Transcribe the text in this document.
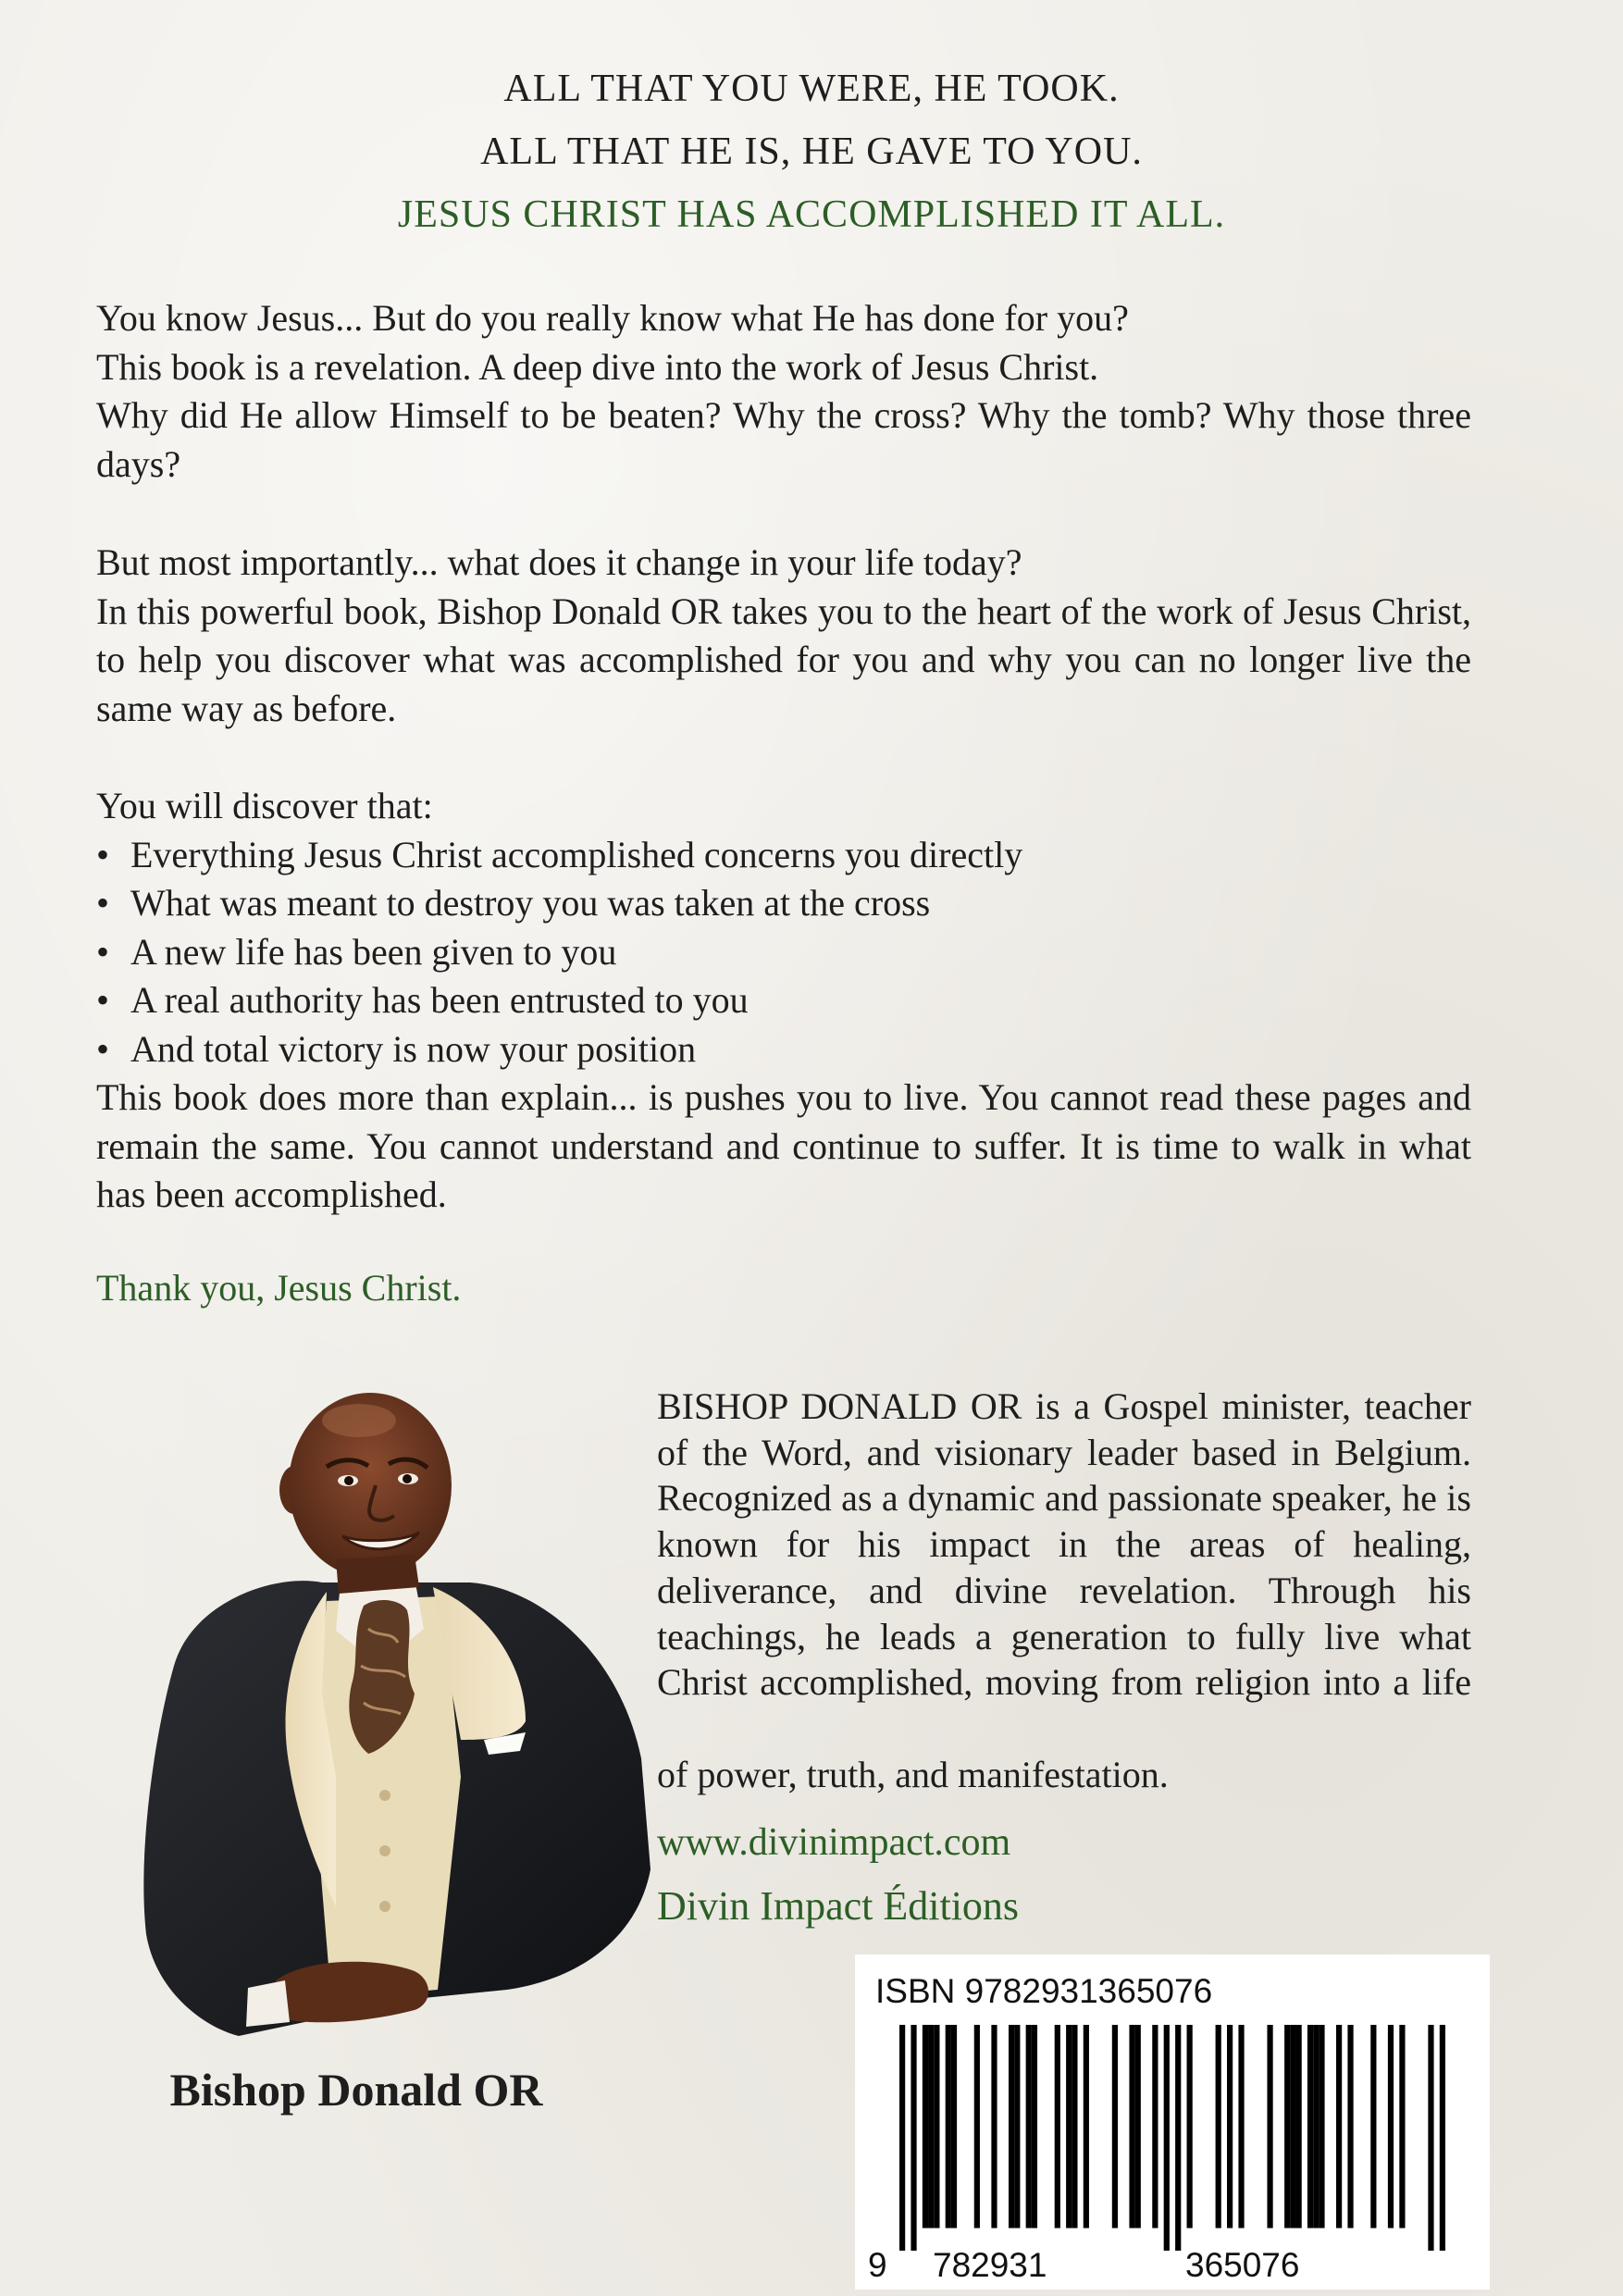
ALL THAT YOU WERE, HE TOOK.
ALL THAT HE IS, HE GAVE TO YOU.
JESUS CHRIST HAS ACCOMPLISHED IT ALL.

You know Jesus... But do you really know what He has done for you?

This book is a revelation. A deep dive into the work of Jesus Christ.

Why did He allow Himself to be beaten? Why the cross? Why the tomb? Why those three days?

But most importantly... what does it change in your life today?

In this powerful book, Bishop Donald OR takes you to the heart of the work of Jesus Christ, to help you discover what was accomplished for you and why you can no longer live the same way as before.

You will discover that:

• Everything Jesus Christ accomplished concerns you directly
• What was meant to destroy you was taken at the cross
• A new life has been given to you
• A real authority has been entrusted to you
• And total victory is now your position

This book does more than explain... is pushes you to live. You cannot read these pages and remain the same. You cannot understand and continue to suffer. It is time to walk in what has been accomplished.

Thank you, Jesus Christ.
Bishop Donald OR
BISHOP DONALD OR is a Gospel minister, teacher of the Word, and visionary leader based in Belgium. Recognized as a dynamic and passionate speaker, he is known for his impact in the areas of healing, deliverance, and divine revelation. Through his teachings, he leads a generation to fully live what Christ accomplished, moving from religion into a life
of power, truth, and manifestation.
www.divinimpact.com
Divin Impact Éditions
ISBN 9782931365076
9 782931	365076
